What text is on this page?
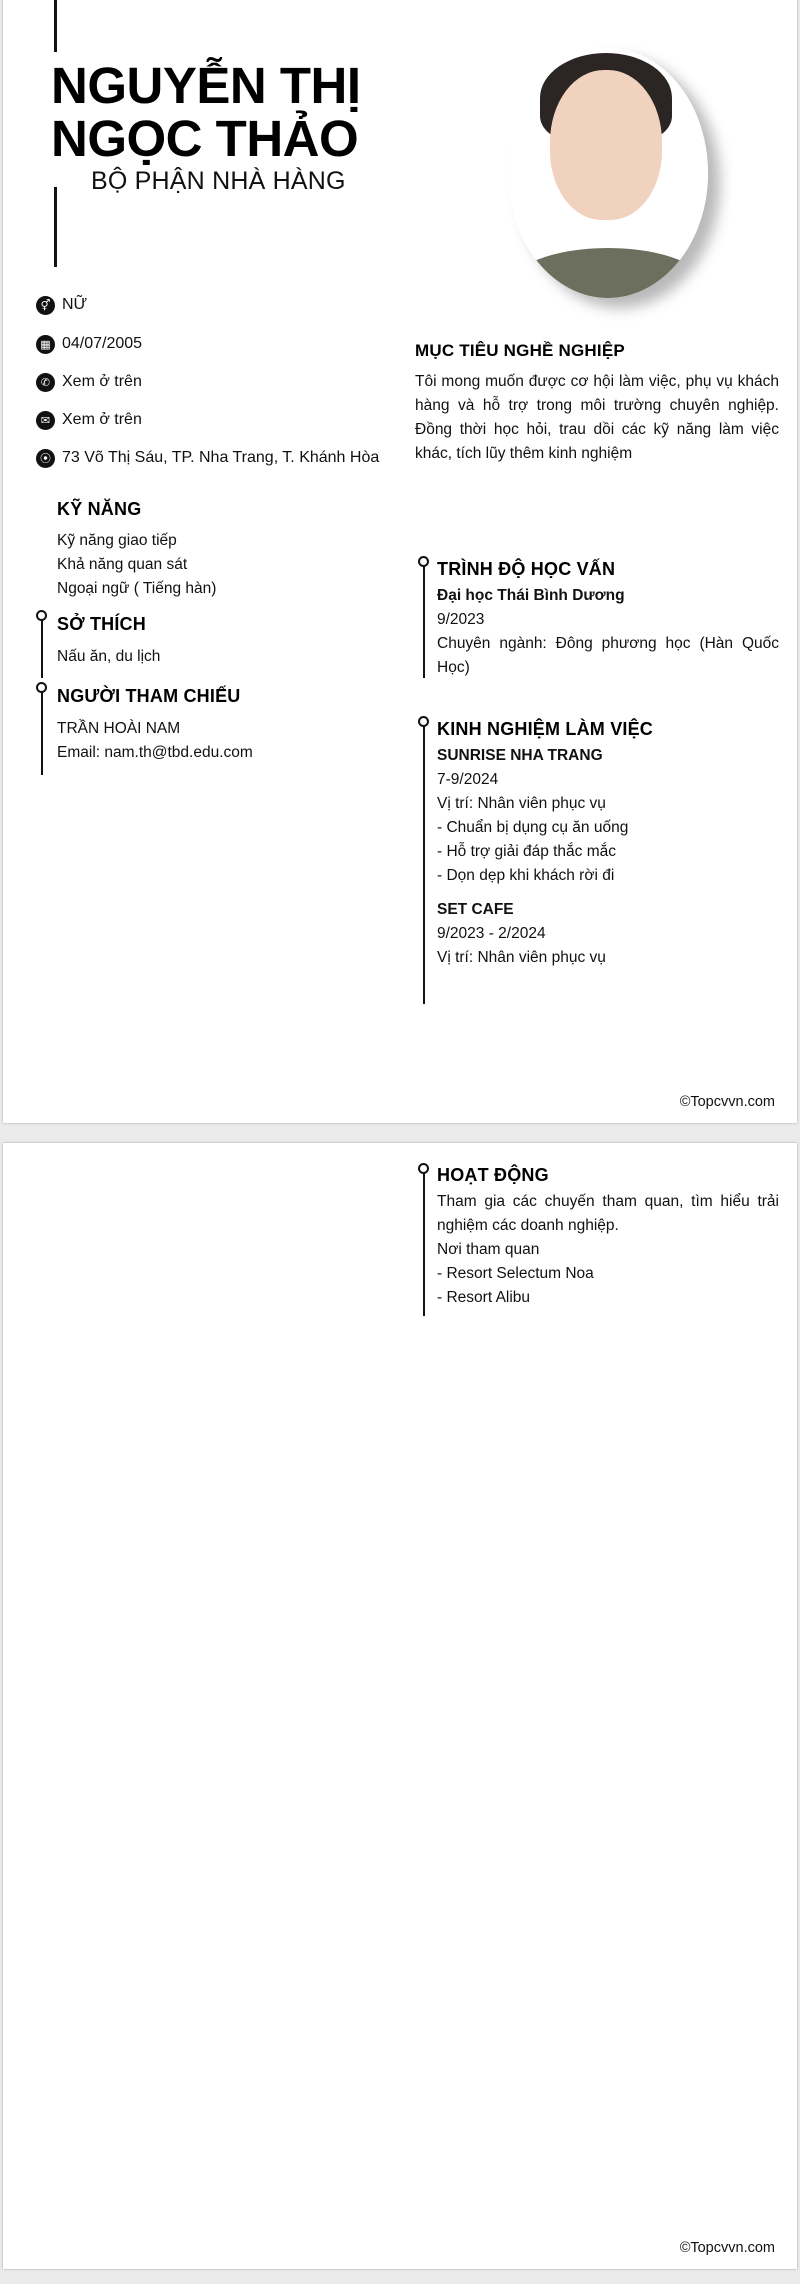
NGUYỄN THỊ
NGỌC THẢO
BỘ PHẬN NHÀ HÀNG
⚥ NỮ
▦ 04/07/2005
✆ Xem ở trên
✉ Xem ở trên
⦿ 73 Võ Thị Sáu, TP. Nha Trang, T. Khánh Hòa
KỸ NĂNG
Kỹ năng giao tiếp
Khả năng quan sát
Ngoại ngữ ( Tiếng hàn)
SỞ THÍCH
Nấu ăn, du lịch
NGƯỜI THAM CHIẾU
TRẦN HOÀI NAM
Email: nam.th@tbd.edu.com
MỤC TIÊU NGHỀ NGHIỆP
Tôi mong muốn được cơ hội làm việc, phụ vụ khách hàng và hỗ trợ trong môi trường chuyên nghiệp. Đồng thời học hỏi, trau dồi các kỹ năng làm việc khác, tích lũy thêm kinh nghiệm
TRÌNH ĐỘ HỌC VẤN
Đại học Thái Bình Dương
9/2023
Chuyên ngành: Đông phương học (Hàn Quốc Học)
KINH NGHIỆM LÀM VIỆC
SUNRISE NHA TRANG
7-9/2024
Vị trí: Nhân viên phục vụ
- Chuẩn bị dụng cụ ăn uống
- Hỗ trợ giải đáp thắc mắc
- Dọn dẹp khi khách rời đi
SET CAFE
9/2023 - 2/2024
Vị trí: Nhân viên phục vụ
©Topcvvn.com
HOẠT ĐỘNG
Tham gia các chuyến tham quan, tìm hiểu trải nghiệm các doanh nghiệp.
Nơi tham quan
- Resort Selectum Noa
- Resort Alibu
©Topcvvn.com
